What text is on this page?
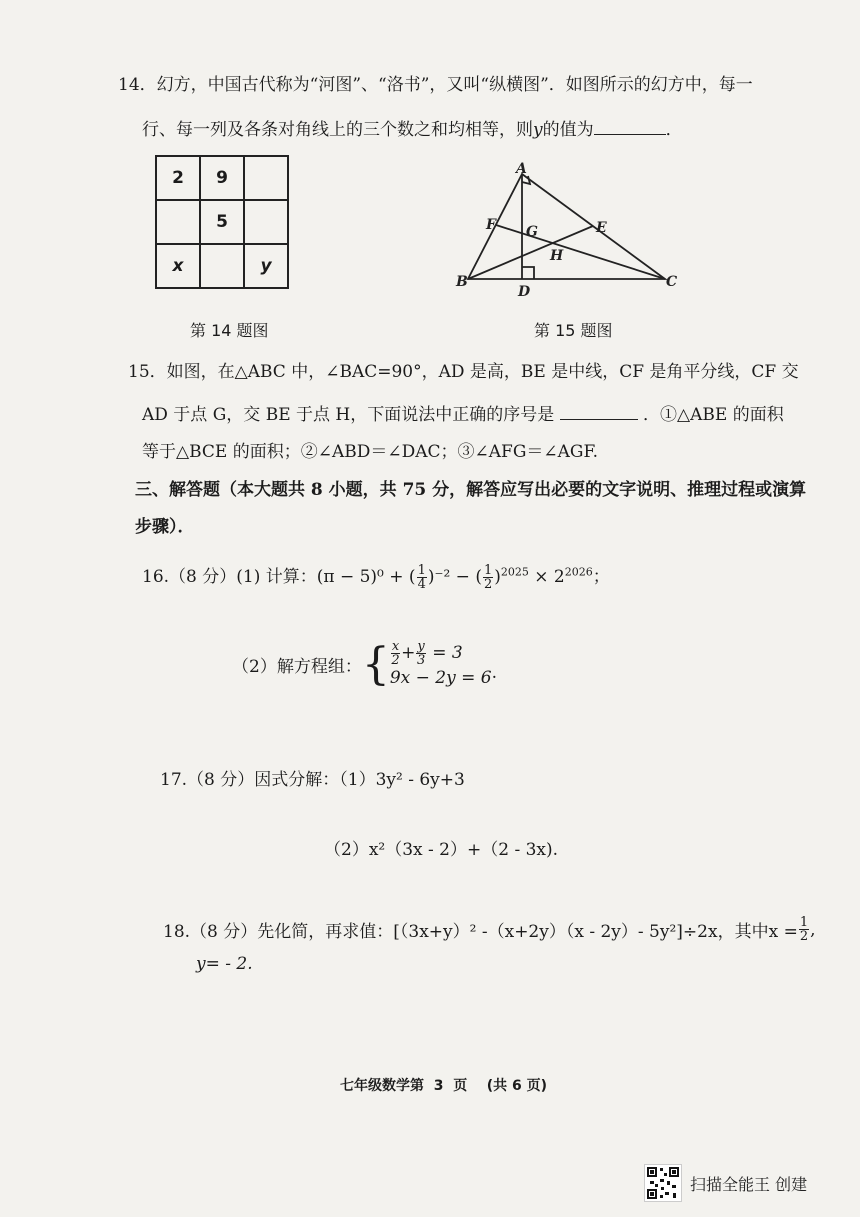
14．幻方，中国古代称为“河图”、“洛书”，又叫“纵横图”．如图所示的幻方中，每一
行、每一列及各条对角线上的三个数之和均相等，则y的值为	．
2	9	
	5	
x		y
第 14 题图
A
B	C
D
E
F G
H
第 15 题图
15．如图，在△ABC 中，∠BAC=90°，AD 是高，BE 是中线，CF 是角平分线，CF 交
AD 于点 G，交 BE 于点 H，下面说法中正确的序号是	．①△ABE 的面积
等于△BCE 的面积；②∠ABD＝∠DAC；③∠AFG＝∠AGF.
三、解答题（本大题共 8 小题，共 75 分，解答应写出必要的文字说明、推理过程或演算
步骤）．
16.（8 分）(1) 计算：(π − 5)⁰ + ( $\frac{1}{4} )^{-2}$ − ( $\frac{1}{2} )^{2025} \times 2^{2026}$；
（2）解方程组： { $\frac{x}{2} + \frac{y}{3} = 3$
9x − 2y = 6 .
17.（8 分）因式分解：（1）3y² - 6y+3
（2）x²（3x - 2）+（2 - 3x).
18.（8 分）先化简，再求值：[（3x+y）² -（x+2y）（x - 2y）- 5y²]÷2x，其中$x = \frac{1}{2}$ ,
y= - 2.
七年级数学第  3  页    (共 6 页)
扫描全能王 创建
